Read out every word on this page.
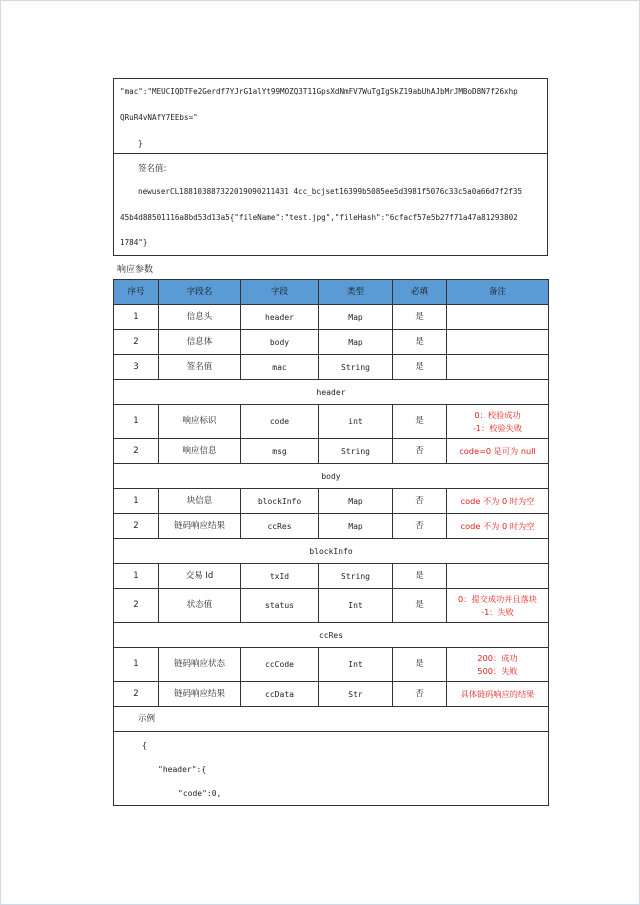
"mac":"MEUCIQDTFe2Gerdf7YJrG1alYt99MOZQ3T11GpsXdNmFV7WuTgIgSkZ19abUhAJbMrJMBoD8N7f26xhp
QRuR4vNAfY7EEbs="
}
签名值:
newuserCL188103887322019090211431 4cc_bcjset16399b5085ee5d3981f5076c33c5a0a66d7f2f35
45b4d88501116a8bd53d13a5{"fileName":"test.jpg","fileHash":"6cfacf57e5b27f71a47a81293802
1784"}
响应参数
序号	字段名	字段	类型	必填	备注
1	信息头	header	Map	是	
2	信息体	body	Map	是	
3	签名值	mac	String	是	
header					
1	响应标识	code	int	是	0：校验成功
-1：校验失败

2	响应信息	msg	String	否	code=0 是可为 null
body					
1	块信息	blockInfo	Map	否	code 不为 0 时为空
2	链码响应结果	ccRes	Map	否	code 不为 0 时为空
blockInfo					
1	交易 Id	txId	String	是	
2	状态值	status	Int	是	0：提交成功并且落块
-1：失败

ccRes					
1	链码响应状态	ccCode	Int	是	200：成功
500：失败

2	链码响应结果	ccData	Str	否	具体链码响应的结果
示例					

{
"header":{
"code":0,					
